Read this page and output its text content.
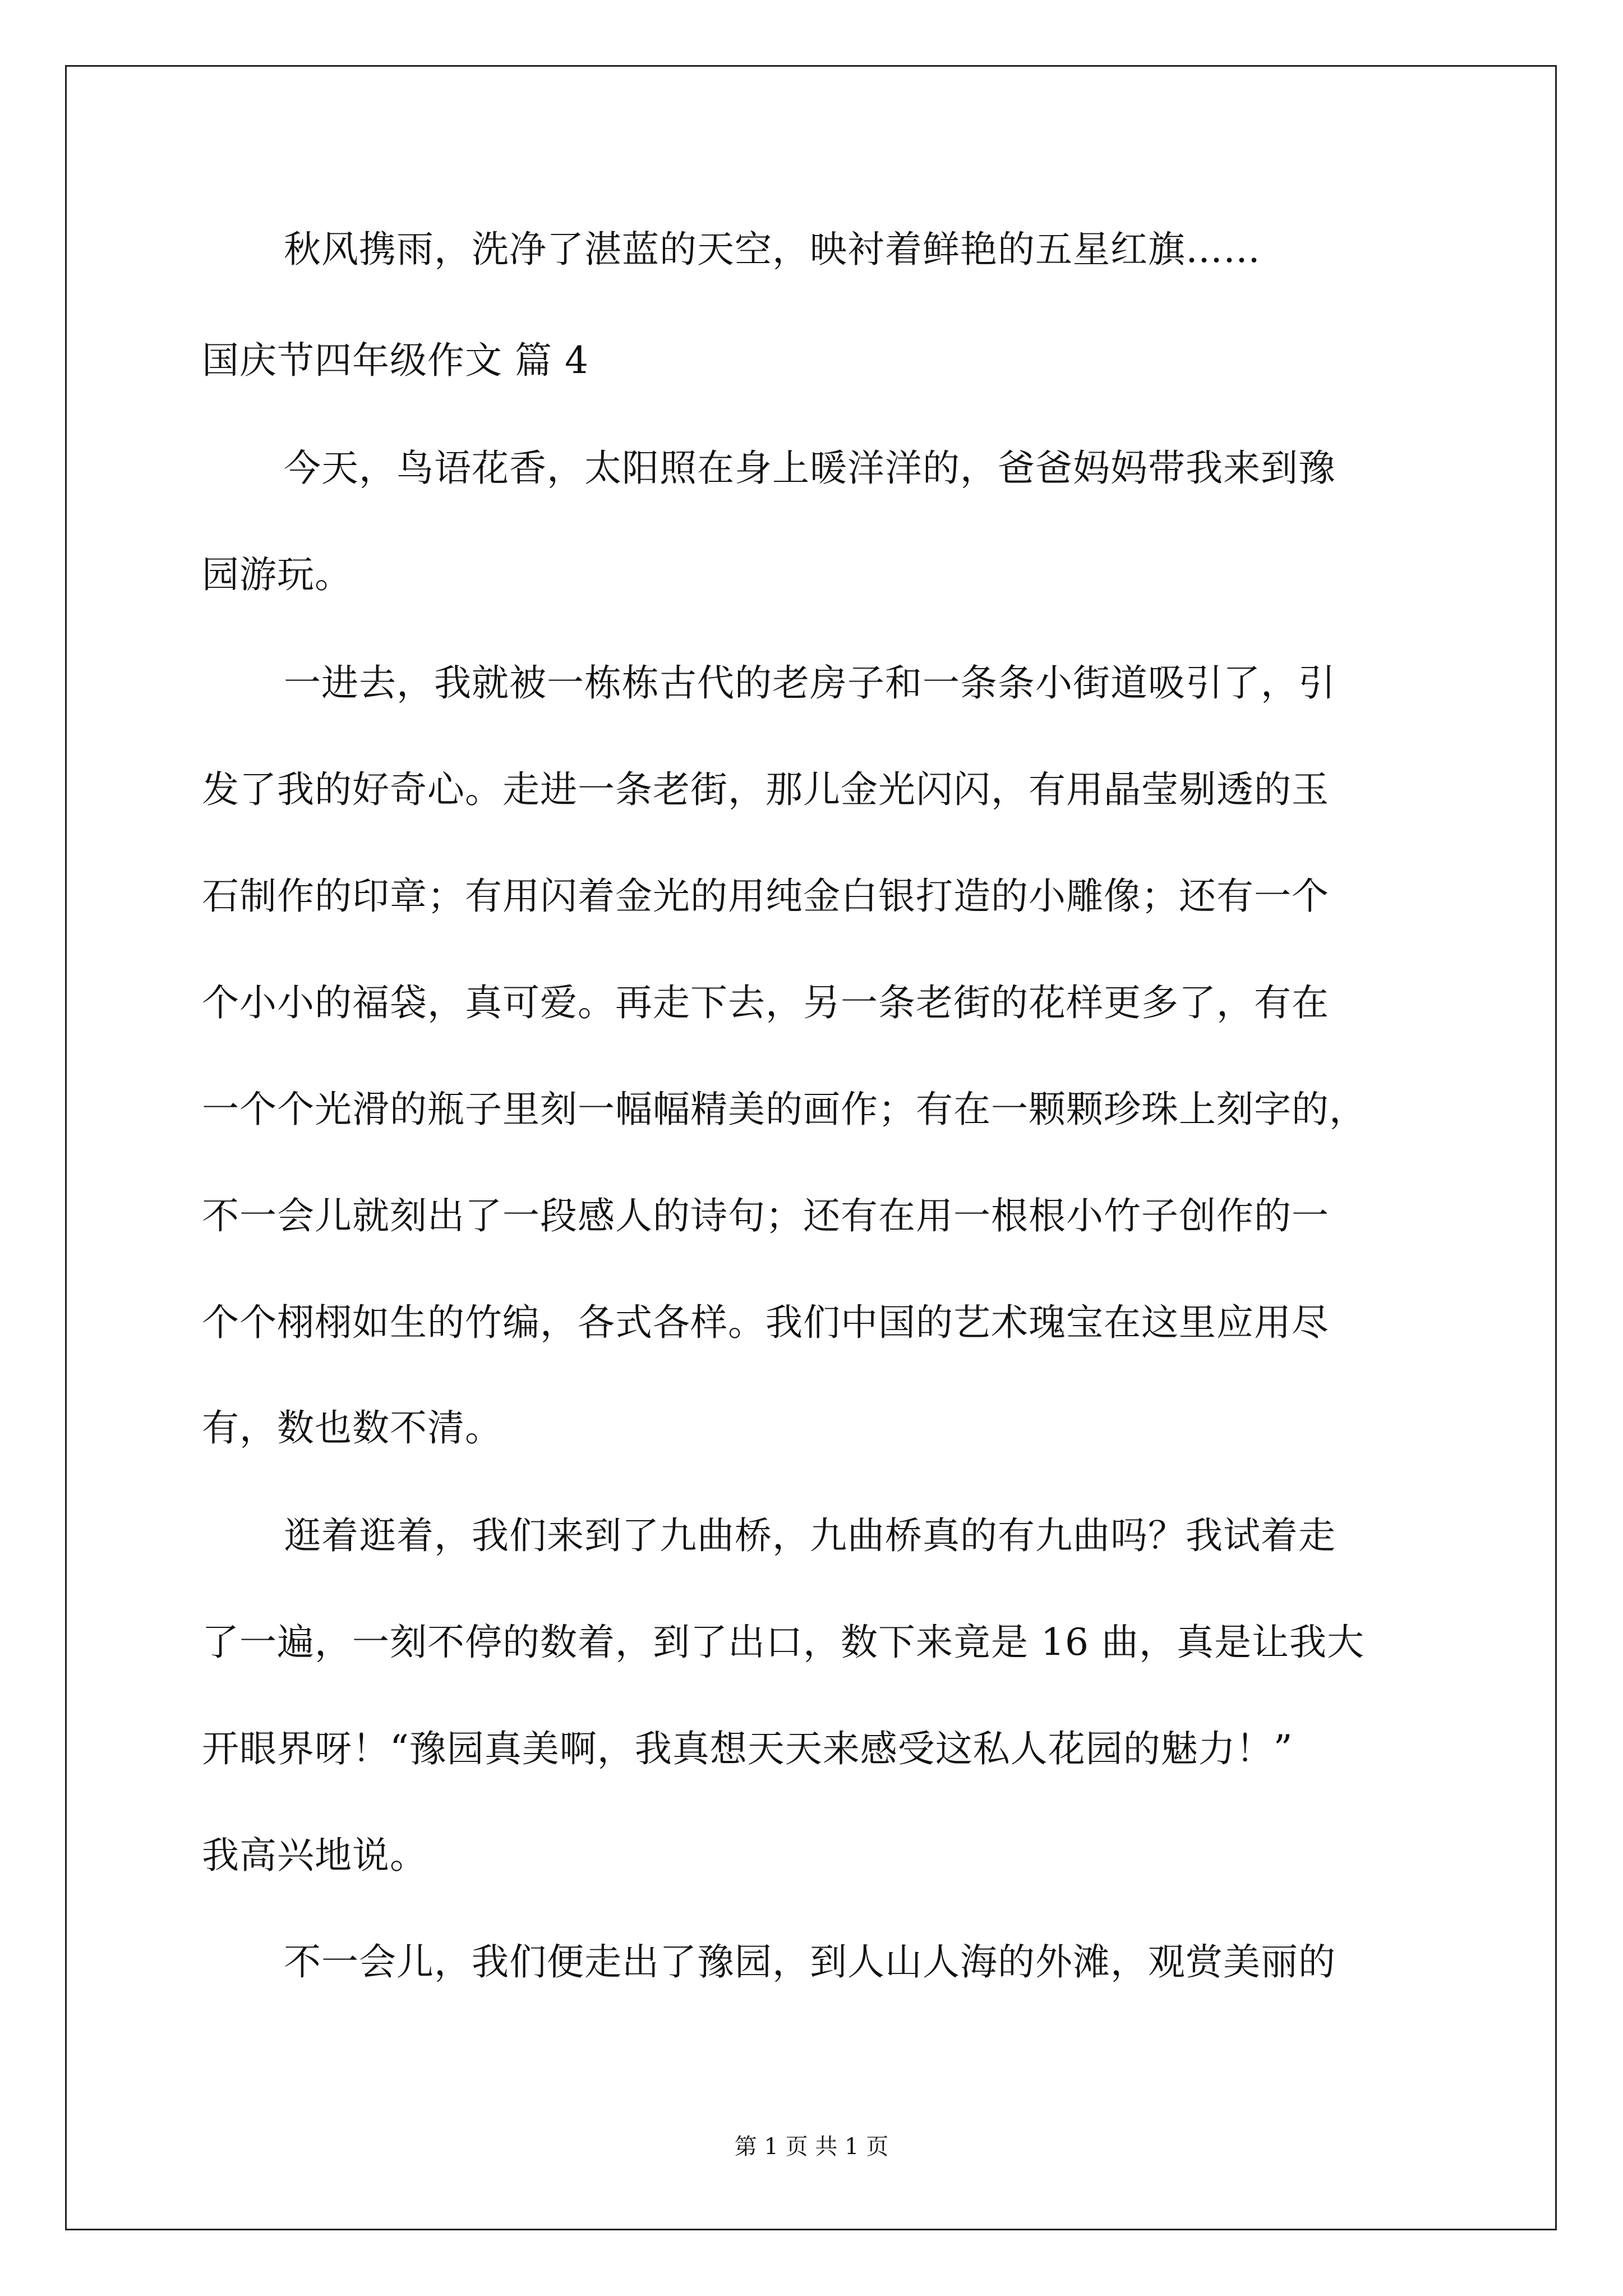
秋风携雨，洗净了湛蓝的天空，映衬着鲜艳的五星红旗……
国庆节四年级作文 篇 4
今天，鸟语花香，太阳照在身上暖洋洋的，爸爸妈妈带我来到豫
园游玩。
一进去，我就被一栋栋古代的老房子和一条条小街道吸引了，引
发了我的好奇心。走进一条老街，那儿金光闪闪，有用晶莹剔透的玉
石制作的印章；有用闪着金光的用纯金白银打造的小雕像；还有一个
个小小的福袋，真可爱。再走下去，另一条老街的花样更多了，有在
一个个光滑的瓶子里刻一幅幅精美的画作；有在一颗颗珍珠上刻字的，
不一会儿就刻出了一段感人的诗句；还有在用一根根小竹子创作的一
个个栩栩如生的竹编，各式各样。我们中国的艺术瑰宝在这里应用尽
有，数也数不清。
逛着逛着，我们来到了九曲桥，九曲桥真的有九曲吗？我试着走
了一遍，一刻不停的数着，到了出口，数下来竟是 16 曲，真是让我大
开眼界呀！“豫园真美啊，我真想天天来感受这私人花园的魅力！”
我高兴地说。
不一会儿，我们便走出了豫园，到人山人海的外滩，观赏美丽的
第 1 页 共 1 页
